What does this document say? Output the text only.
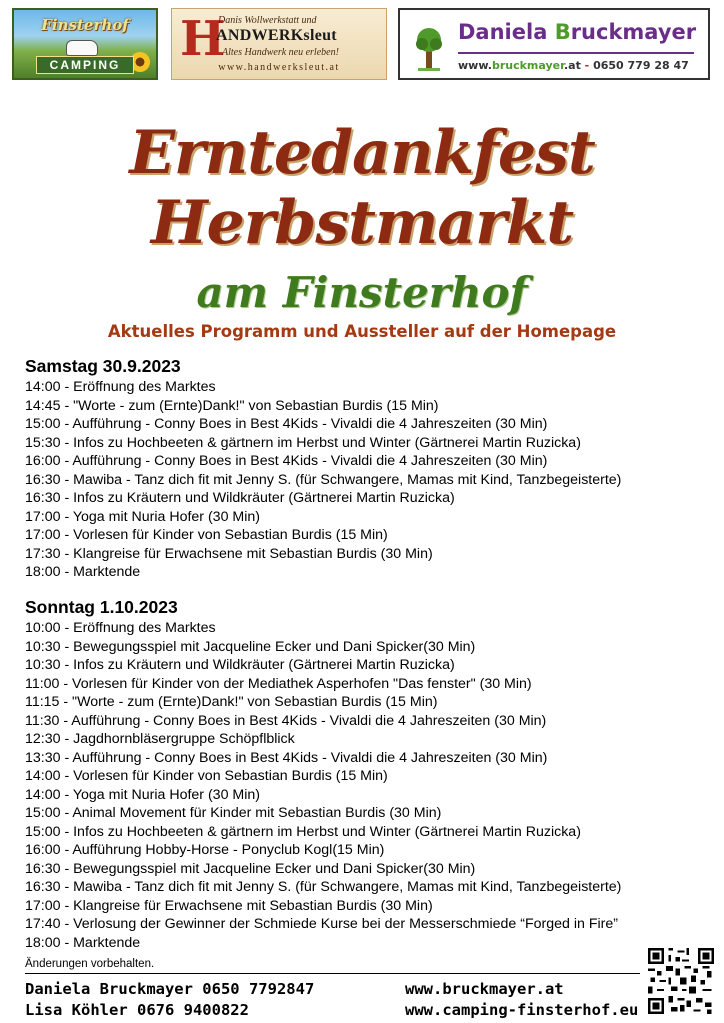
Finsterhof
CAMPING H
Danis Wollwerkstatt und
ANDWERKsleut
Altes Handwerk neu erleben!
www.handwerksleut.at
Daniela Bruckmayer
www.bruckmayer.at - 0650 779 28 47
Erntedankfest
Herbstmarkt
am Finsterhof
Aktuelles Programm und Aussteller auf der Homepage
Samstag 30.9.2023
14:00 - Eröffnung des Marktes
14:45 - "Worte - zum (Ernte)Dank!" von Sebastian Burdis (15 Min)
15:00 - Aufführung - Conny Boes in Best 4Kids - Vivaldi die 4 Jahreszeiten (30 Min)
15:30 - Infos zu Hochbeeten & gärtnern im Herbst und Winter (Gärtnerei Martin Ruzicka)
16:00 - Aufführung - Conny Boes in Best 4Kids - Vivaldi die 4 Jahreszeiten (30 Min)
16:30 - Mawiba - Tanz dich fit mit Jenny S. (für Schwangere, Mamas mit Kind, Tanzbegeisterte)
16:30 - Infos zu Kräutern und Wildkräuter (Gärtnerei Martin Ruzicka)
17:00 - Yoga mit Nuria Hofer (30 Min)
17:00 - Vorlesen für Kinder von Sebastian Burdis (15 Min)
17:30 - Klangreise für Erwachsene mit Sebastian Burdis (30 Min)
18:00 - Marktende
Sonntag 1.10.2023
10:00 - Eröffnung des Marktes
10:30 - Bewegungsspiel mit Jacqueline Ecker und Dani Spicker(30 Min)
10:30 - Infos zu Kräutern und Wildkräuter (Gärtnerei Martin Ruzicka)
11:00 - Vorlesen für Kinder von der Mediathek Asperhofen "Das fenster" (30 Min)
11:15 - "Worte - zum (Ernte)Dank!" von Sebastian Burdis (15 Min)
11:30 - Aufführung - Conny Boes in Best 4Kids - Vivaldi die 4 Jahreszeiten (30 Min)
12:30 - Jagdhornbläsergruppe Schöpflblick
13:30 - Aufführung - Conny Boes in Best 4Kids - Vivaldi die 4 Jahreszeiten (30 Min)
14:00 - Vorlesen für Kinder von Sebastian Burdis (15 Min)
14:00 - Yoga mit Nuria Hofer (30 Min)
15:00 - Animal Movement für Kinder mit Sebastian Burdis (30 Min)
15:00 - Infos zu Hochbeeten & gärtnern im Herbst und Winter (Gärtnerei Martin Ruzicka)
16:00 - Aufführung Hobby-Horse - Ponyclub Kogl(15 Min)
16:30 - Bewegungsspiel mit Jacqueline Ecker und Dani Spicker(30 Min)
16:30 - Mawiba - Tanz dich fit mit Jenny S. (für Schwangere, Mamas mit Kind, Tanzbegeisterte)
17:00 - Klangreise für Erwachsene mit Sebastian Burdis (30 Min)
17:40 - Verlosung der Gewinner der Schmiede Kurse bei der Messerschmiede “Forged in Fire”
18:00 - Marktende
Änderungen vorbehalten.
Daniela Bruckmayer 0650 7792847
Lisa Köhler 0676 9400822
www.bruckmayer.at
www.camping-finsterhof.eu
